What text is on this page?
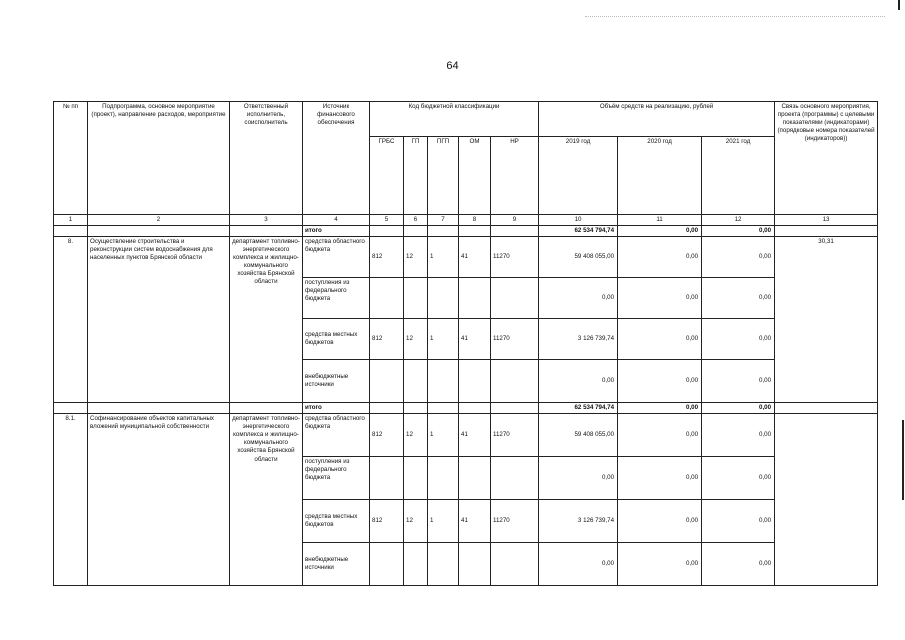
64
№ пп	Подпрограмма, основное мероприятие (проект), направление расходов, мероприятие	Ответственный исполнитель, соисполнитель	Источник финансового обеспечения	Код бюджетной классификации					Объём средств на реализацию, рублей			Связь основного мероприятия, проекта (программы) с целевыми показателями (индикаторами) (порядковые номера показателей (индикаторов))
				ГРБС	ГП	ПГП	ОМ	НР	2019 год	2020 год	2021 год	
1	2	3	4	5	6	7	8	9	10	11	12	13
			итого						62 534 794,74	0,00	0,00	
8.	Осуществление строительства и реконструкции систем водоснабжения для населенных пунктов Брянской области	департамент топливно-энергетического комплекса и жилищно-коммунального хозяйства Брянской области	средства областного бюджета	812	12	1	41	11270	59 408 055,00	0,00	0,00	30,31
			поступления из федерального бюджета						0,00	0,00	0,00	
			средства местных бюджетов	812	12	1	41	11270	3 126 739,74	0,00	0,00	
			внебюджетные источники						0,00	0,00	0,00	
			итого						62 534 794,74	0,00	0,00	
8.1.	Софинансирование объектов капитальных вложений муниципальной собственности	департамент топливно-энергетического комплекса и жилищно-коммунального хозяйства Брянской области	средства областного бюджета	812	12	1	41	11270	59 408 055,00	0,00	0,00	
			поступления из федерального бюджета						0,00	0,00	0,00	
			средства местных бюджетов	812	12	1	41	11270	3 126 739,74	0,00	0,00	
			внебюджетные источники						0,00	0,00	0,00	
